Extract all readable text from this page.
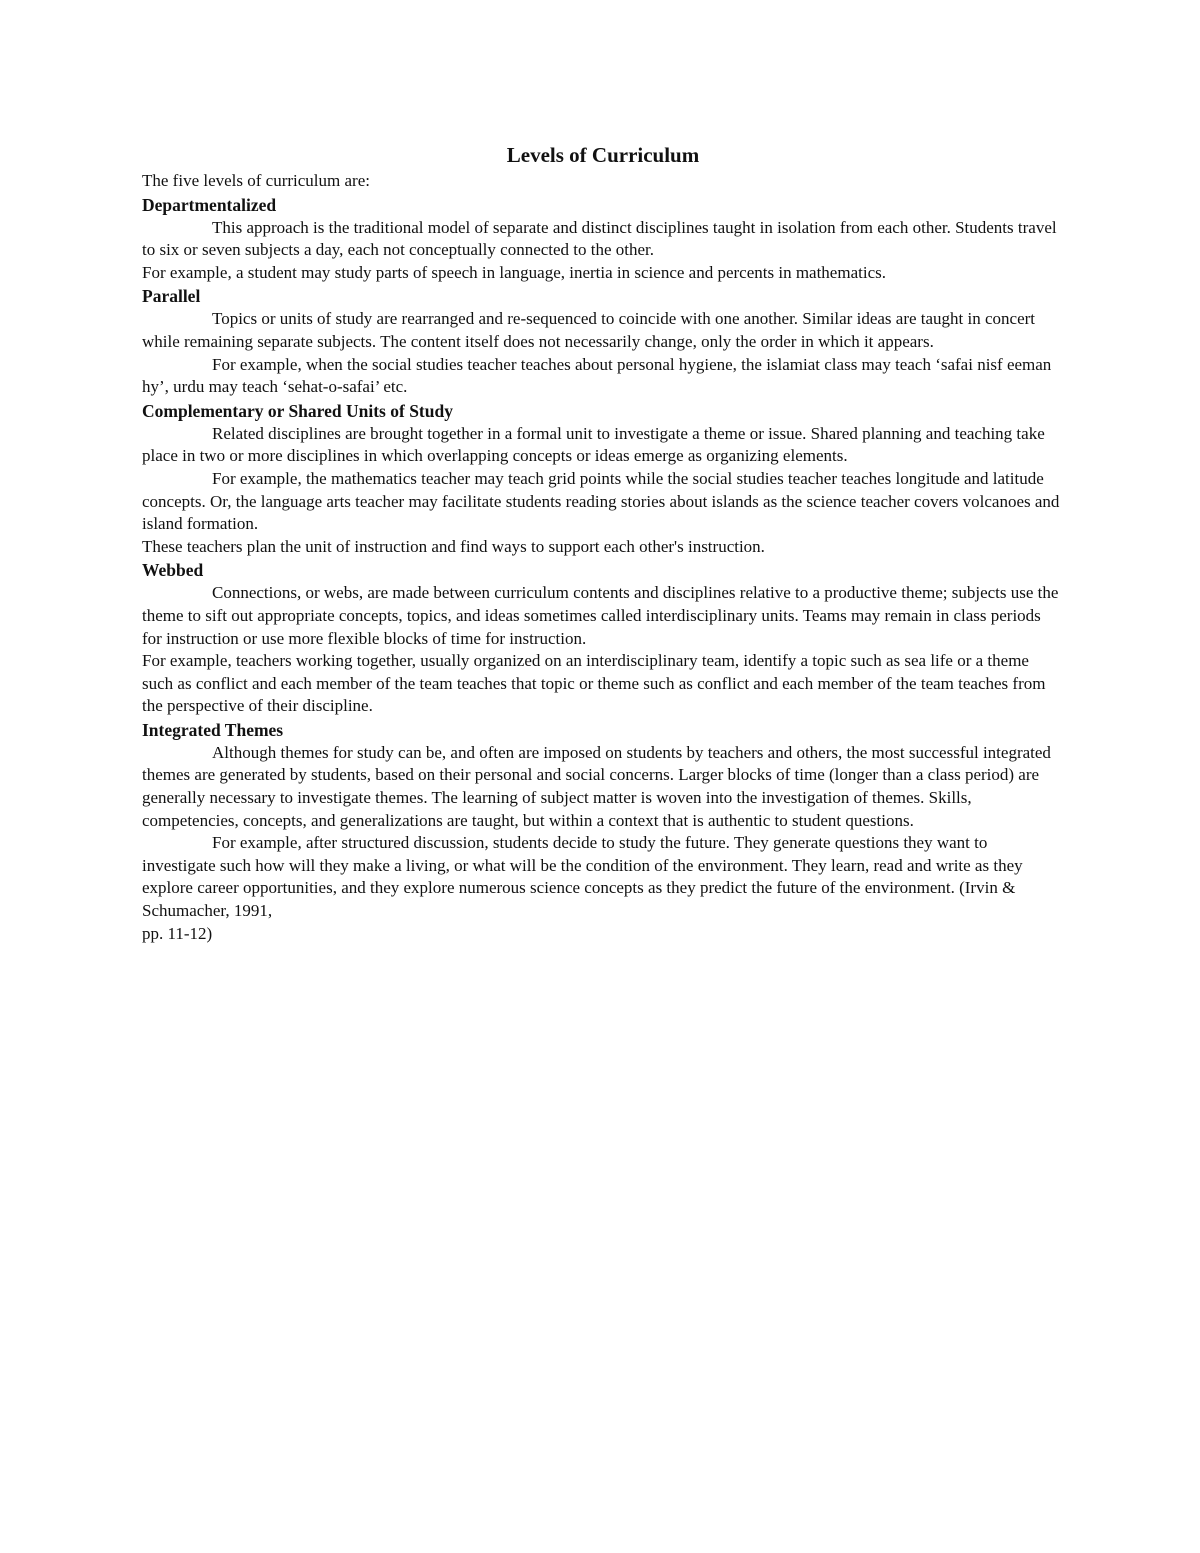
Levels of Curriculum
The five levels of curriculum are:
Departmentalized

This approach is the traditional model of separate and distinct disciplines taught in isolation from each other. Students travel to six or seven subjects a day, each not conceptually connected to the other.

For example, a student may study parts of speech in language, inertia in science and percents in mathematics.

Parallel

Topics or units of study are rearranged and re-sequenced to coincide with one another. Similar ideas are taught in concert while remaining separate subjects. The content itself does not necessarily change, only the order in which it appears.

For example, when the social studies teacher teaches about personal hygiene, the islamiat class may teach ‘safai nisf eeman hy’, urdu may teach ‘sehat-o-safai’ etc.

Complementary or Shared Units of Study

Related disciplines are brought together in a formal unit to investigate a theme or issue. Shared planning and teaching take place in two or more disciplines in which overlapping concepts or ideas emerge as organizing elements.

For example, the mathematics teacher may teach grid points while the social studies teacher teaches longitude and latitude concepts. Or, the language arts teacher may facilitate students reading stories about islands as the science teacher covers volcanoes and island formation.

These teachers plan the unit of instruction and find ways to support each other's instruction.

Webbed

Connections, or webs, are made between curriculum contents and disciplines relative to a productive theme; subjects use the theme to sift out appropriate concepts, topics, and ideas sometimes called interdisciplinary units. Teams may remain in class periods for instruction or use more flexible blocks of time for instruction.

For example, teachers working together, usually organized on an interdisciplinary team, identify a topic such as sea life or a theme such as conflict and each member of the team teaches that topic or theme such as conflict and each member of the team teaches from the perspective of their discipline.

Integrated Themes

Although themes for study can be, and often are imposed on students by teachers and others, the most successful integrated themes are generated by students, based on their personal and social concerns. Larger blocks of time (longer than a class period) are generally necessary to investigate themes. The learning of subject matter is woven into the investigation of themes. Skills, competencies, concepts, and generalizations are taught, but within a context that is authentic to student questions.

For example, after structured discussion, students decide to study the future. They generate questions they want to investigate such how will they make a living, or what will be the condition of the environment. They learn, read and write as they explore career opportunities, and they explore numerous science concepts as they predict the future of the environment. (Irvin & Schumacher, 1991,

pp. 11-12)
